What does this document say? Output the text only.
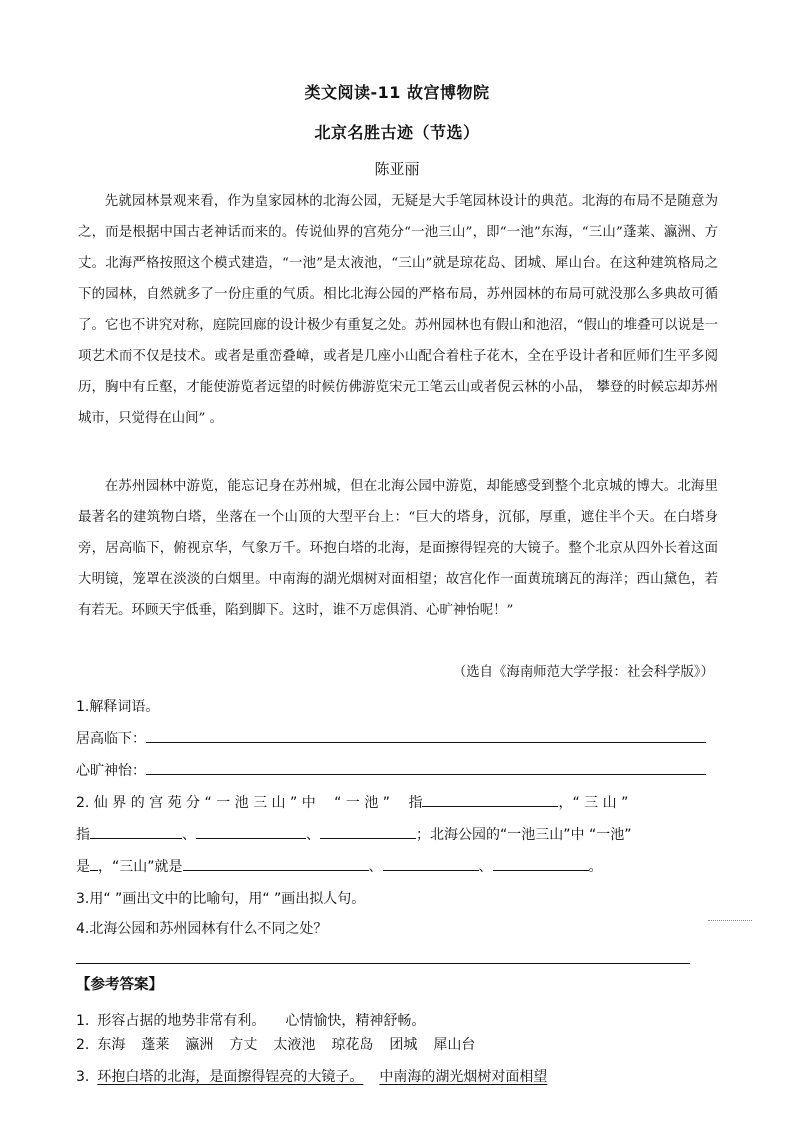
类文阅读-11 故宫博物院
北京名胜古迹（节选）
陈亚丽

先就园林景观来看，作为皇家园林的北海公园，无疑是大手笔园林设计的典范。北海的布局不是随意为之，而是根据中国古老神话而来的。传说仙界的宫苑分“一池三山”，即“一池”东海，“三山”蓬莱、瀛洲、方丈。北海严格按照这个模式建造，“一池”是太液池，“三山”就是琼花岛、团城、犀山台。在这种建筑格局之下的园林，自然就多了一份庄重的气质。相比北海公园的严格布局，苏州园林的布局可就没那么多典故可循了。它也不讲究对称，庭院回廊的设计极少有重复之处。苏州园林也有假山和池沼，“假山的堆叠可以说是一项艺术而不仅是技术。或者是重峦叠嶂，或者是几座小山配合着柱子花木，全在乎设计者和匠师们生平多阅历，胸中有丘壑，才能使游览者远望的时候仿佛游览宋元工笔云山或者倪云林的小品， 攀登的时候忘却苏州城市，只觉得在山间” 。

在苏州园林中游览，能忘记身在苏州城，但在北海公园中游览，却能感受到整个北京城的博大。北海里最著名的建筑物白塔，坐落在一个山顶的大型平台上：“巨大的塔身，沉郁，厚重，遮住半个天。在白塔身旁，居高临下，俯视京华，气象万千。环抱白塔的北海，是面擦得锃亮的大镜子。整个北京从四外长着这面大明镜，笼罩在淡淡的白烟里。中南海的湖光烟树对面相望；故宫化作一面黄琉璃瓦的海洋；西山黛色，若有若无。环顾天宇低垂，陷到脚下。这时，谁不万虑俱消、心旷神怡呢！”

（选自《海南师范大学学报：社会科学版》）
1.解释词语。
居高临下：
心旷神怡：
2. 仙 界 的 宫 苑 分 “ 一 池 三 山 ” 中 　“ 一 池 ” 　指	，“ 三 山 ”
指	、	、	；北海公园的“一池三山”中 “一池”
是 ，“三山”就是	、	、	。
3.用“ ”画出文中的比喻句，用“ ”画出拟人句。
4.北海公园和苏州园林有什么不同之处？
【参考答案】
1. 形容占据的地势非常有利。 心情愉快，精神舒畅。
2. 东海 蓬莱 瀛洲 方丈 太液池 琼花岛 团城 犀山台
3. 环抱白塔的北海，是面擦得锃亮的大镜子。 中南海的湖光烟树对面相望
